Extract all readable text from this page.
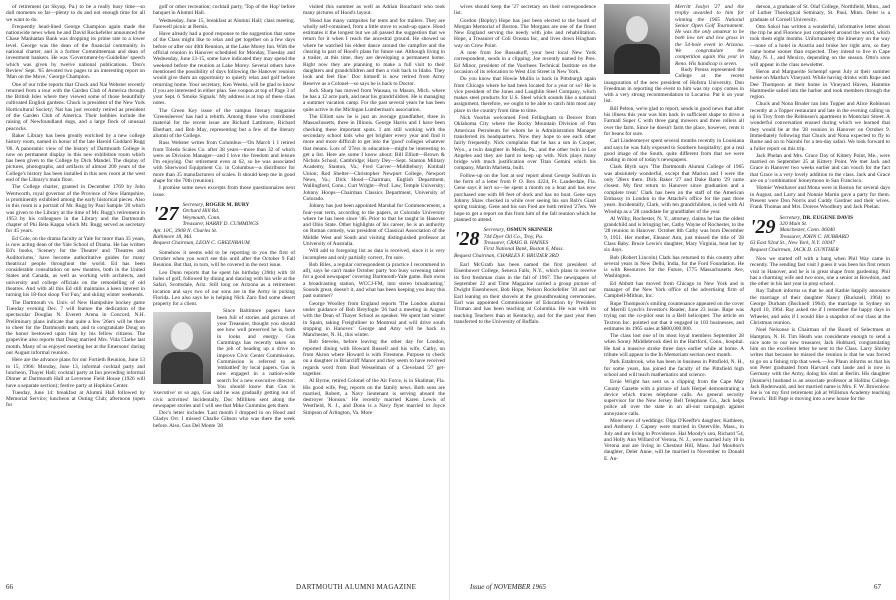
of retirement (at Skyop, Pa.) to be a really busy time—so dull moments so far—plenty to do and not enough time for all we want to do.

Frequently head-lined George Champion again made the nationwide news when he and David Rockefeller announced the Chase Manhattan Bank was dropping its prime rate to a lower level. George was the dean of the financial community in national charter, and is a former Committeeman and dean of investment bankers. He was 'Government-by-Guideline' speech which was given by twelve national publications. 'Don's Review' Sept. '65 devoted two pages to an interesting report on 'Man on the Move,' George Champion.

One of our tribe reports that Chuck and Nat Webster recently returned from a tour with the Garden Club of America through the British Isles where they viewed some of those beautifully cultivated English gardens. Chuck is president of the New York Horticultural Society; Nat has just recently retired as president of the Garden Club of America. Their hobbies include the raising of Newfoundland dogs, and a large flock of unusual peacocks.

Baker Library has been greatly enriched by a new college history room, named in honor of the late Harold Goddard Rugg '06. A panoramic view of the history of Dartmouth College is now on permanent display in this new exhibition room which has been given to the College by Dick Mandel. The display of pictures, photographs, and artifacts of almost 200 years of the College's history has been installed in this new room at the west end of the Library's main floor.

The College charter, granted in December 1769 by John Wentworth, royal governor of the Province of New Hampshire, is prominently exhibited among the early historical pieces. Also in this room is a portrait of Mr. Rugg by Paul Sample '20 which was given to the Library at the time of Mr. Rugg's retirement in 1953 by his colleagues in the Library and the Dartmouth chapter of Phi Beta Kappa which Mr. Rugg served as secretary for 45 years.

Ed Cole, on the drama faculty at Yale for more than 35 years, is now acting dean of the Yale School of Drama. He has written Ed's books, 'Scenery for the Theatre' and 'Theatres and Auditoriums,' have become authoritative guides for many theatrical people throughout the world. Ed has been considerable consultation on new theatres, both in the United States and Canada, as well as working with architects, and university and college officials on the remodelling of old theatres. And with all this Ed still maintains a keen interest in turning his 18-foot sloop 'For Fun,' and skiing winter weekends.

The Dartmouth vs. Univ. of New Hampshire hockey game Tuesday evening Dec. 7 will feature the dedication of the spectacular Douglas N. Everett Arena in Concord, N.H. Preliminary plans indicate that quite a few '26ers will be there to cheer for the Dartmouth team, and to congratulate Doug on the honor bestowed upon him by his fellow citizens. The grapevine also reports that Doug married Mrs. Vida Clarke last month. Many of us enjoyed meeting her at the Emersons' during our August informal reunion.

Here are the advance plans for our Fortieth Reunion, June 13 to 15, 1966: Monday, June 13, informal cocktail party and luncheon, Thayer Hall; cocktail party at Inn preceding informal Dinner at Dartmouth Hall at Leverone Field House (1926 will have a separate section); festive party at Hopkins Center.

Tuesday, June 14: breakfast at Alumni Hall followed by Memorial Service; luncheon at Outing Club; afternoon (open for

golf or other recreation; cocktail party, 'Top of the Hop' before banquet in Alumni Hall.

Wednesday, June 15, breakfast at Alumni Hall; class meeting. Farewell picnic at Bemis.

Have already had a good response to the suggestion that some of the Class might like to relax and get together on a few days before or after our 40th Reunion, at the Lake Morey Inn. With the official reunion in Hanover scheduled for Monday, Tuesday and Wednesday, June 13-15, some have indicated they may spend the weekend before the reunion at Lake Morey. Several others have mentioned the possibility of days following the Hanover reunion would give them an opportunity to quietly relax and golf before returning home. Your secretary, Ken Weeks, will be glad to know if you are interested in either plan. See coupon at top of Page 3 of your Sept. 6 'Smoke Signals.' My address is at top of these class notes.

The Green Key issue of the campus literary magazine 'Greensleeves' has had a rebirth. Among those who contributed material for the recent issue are Richard Lattimore, Richard Eberhart, and Bob May, representing but a few of the literary alumni of the College.

Russ Webster writes from Columbus—'On March 1 I retired from Toledo Scales Co. after 38 years—more than 32 of which were as Division Manager—and I love the freedom and leisure I'm enjoying. Our retirement even at 62, so he was associated with Sherwood Equipment Co. in Columbus—a distributor for more than 35 manufacturers of scales. It should keep me in good shape for the 70th (reunion).

I promise some news excerpts from those questionnaires next issue.

'27 Secretary, ROGER M. BURY
Orchard Hill Rd.
Weymouth, Conn.
Treasurer, HARRY D. CUMMINGS
Apt. 10C, 3908 N. Charles St.
Baltimore 18, Md.
Bequest Chairman, LEON C. GREENBAUM

Somehow it seems odd to be reporting to you the first of October when you won't see this until after the October 9 Fall Reunion. But that, in turn, will be covered in the next issue.

Leo Dunn reports that he spent his birthday (39th) with 18 holes of golf, followed by dining and dancing with his wife at the Safari, Scottsdale, Ariz. Still long on Arizona as a retirement location and says two of our sons are in the Army in picking Florida. Leo also says he is helping Nick Zaro find some desert property for a client.

Since Baltimore papers have been full of stories and pictures of your Treasurer, thought you should see how well preserved he is, both in looks and energy. Gus Cummings has recently taken on the job of heading up a drive to improve Civic Center Commission. Commission is referred to as 'embattled' by local papers. Gus is now engaged in a nation-wide search for a new executive director. You should know that Gus is 'executive' or so ago, Gus said he was gradually getting out of civic activities! Incidentally, Doc Milliken sent along the newspaper stories and I will see that Mike Cummins gets them.

Doc's letter includes 'Last month I dropped in on Hood and Gladys Orr. I missed Charlie Gibson who was there the week before. Also, Gus Del Monte '28

visited this summer as well as Adrian Bouchard who took many pictures of Hood's layout.

'Hood has many campsites for tents and for trailers. They are wholly self-contained, from a little stove to wash-up space. Hood estimates it the longest but we all passed the suggestion that we return for it when I reach the ancestral ground. He showed us where he watched his eldest dance around the campfire and the clearing in part of Hood's plans for future use. Although living in a trailer, at this time, they are developing a permanent home. Right now they are planning to make a full visit to their daughters and grandchildren and then a visit back to Idaho. They look and feel fine.' Doc himself is now retired from Army Reserve as a Colonel—so says he is back to Doctor.

Jock Sharp has moved from Wausau, to Mason, Mich. where he has a 12 acre park, and near his grandchildren. He is managing a summer vacation camp. For the past several years he has been quite active in the Michigan Lumberman's association.

The Elliott saw he is just an average grandfather, three in Massachusetts, three in Illinois. George Harris and I have been checking these important spots. I am still working with the secondary school kids who get brighter every year and find it more and more difficult to get into the 'good' colleges whatever that means. Lots of '27ers in education—might be interesting to get a list. Here are some I know about: Bill Elliott—Brown & Nichols School, Cambridge; Harry Dey—Sept. Stanton Military Academy, Stanton, Va.; Fred Carver—Middlebury; Kimball Union; Rod Shelter—Christopher Newport College, Newport News, Va.; Dick Hood—Chairman, English Department, Wallingford, Conn.; Curt Wright—Prof. Law, Temple University; Johnny Hoops—Chairman Classics Department, University of Colorado.

Johnny has just been appointed Marshal for Commencement, a four-year term, according to the papers, at Colorado University where he has been since '46. Prior to that he taught in Hanover and Ohio State. Other highlights of his career, he is an authority on Roman comedy, was president of Classical Association of the Middle West and South and visiting distinguished professor at University of Australia.

Will add to foregoing list as data is received, since it is very incomplete and only partially correct, I'm sure.

Bob Biles, a regular correspondent (a practice I recommend to all), says he can't make October party 'too busy screening talent for a good newspaper' covering Dartmouth-Yale game. Bob owns a broadcasting station, WCCJ-FM, into stereo broadcasting.' Sounds great, doesn't it, and what has been keeping you busy this past summer?

George Woolley from England reports 'The London alumni under guidance of Bob Breyfogle '26 had a meeting in August with the Dean of Thayer School as speaker. We spent last winter in Spain, taking Freightliner to Montreal and will drive south stopping in Hanover.' George and Amy will be back in Manchester, N. H., this winter.

Bob Stevens, before leaving the other day for London, reported dining with Howard Russell and his wife, Cathy, on from Akron where Howard is with Firestone. Purpose to check on a daughter in Briarcliff Manor and they seem to have received regards word from Bud Wesselman of a Cleveland '27 get-together.

Al Byrne, retired Colonel of the Air Force, is in Shalimar, Fla. His good wife, Peg, reports on the family news. Both sons are married, Robert, a Navy lieutenant is serving aboard the destroyer 'Honson.' He recently married Karen Lewis of Westfield, N. J., and Donn is a Navy flyer married to Joyce Simpson of Arlington, Va. More

wives should keep the '27 secretary on their correspondence list.

Gordon (Bophy) Hope has just been elected to the board of Morgan Memorial of Boston. The Morgans are one of the finest New England serving the needy with jobs and rehabilitation. Hope, a Treasurer of Coli Oceana Inc, and lives down Hingham way on Crow Point.

A note from Joe Russakoff, your best local New York correspondent, sends in a clipping. Joe recently named by Pres. Ed Minor, president of the Voorhees Technical Institute on the occasion of its relocation to West 41st Street in New York.

Do you know that Howie Mullin is back in Pittsburgh again from Chicago where he had been located for a year or so? He is vice president of the Jones and Laughlin Steel Company, which makes steel products for U.S. Steel which sounds like a national assignment, therefore, we ought to be able to catch him most any place in the country from time to time.

Nick Voorhis welcomed Fred Fellingham to Denver from Oklahoma City where the Rocky Mountain Division of Pan American Petroleum for whom he is Administration Manager transferred its headquarters. Now they hope to see each other fairly frequently. Nick complains that he has a son in Cooper, Wyo., a twin daughter in Media, Pa., and the other twin in Los Angeles and they are hard to keep up with. Nick plays many bridge with much justification over Titan Gemini which his company, Martin Marietta, built.

Follow-up on the 'lost at sea' report about George Sullivan in the form of a letter from P. O. Box 4224, Ft. Lauderdale, Fla. Gene says it isn't so—he spent a month on a boat and has now purchased one with 80 feet of dock and has no boat. Gene says Johnny Shaw checked in while over seeing his son Bob's Giant spring training. Gene and his son Fred are both retired '27ers. We hope to get a report on this from him of the fall reunion which he planned to attend.

'28 Secretary, OSMUN SKINNER
744 Dyer Oil Co., Troy, Pa.
Treasurer, CRAIG B. HAINES
First National Bank, Boston 6, Mass.
Bequest Chairman, CHARLES F. BRUDER 3RD

Earl McGrath has been named the first president of Eisenhower College, Seneca Falls, N.Y., which plans to receive its first freshman class in the fall of 1967. The newspapers of September 22 and Time Magazine carried a group picture of Dwight Eisenhower, Bob Hope, Nelson Rockefeller '30 and our Earl leaning on their shovels at the groundbreaking ceremonies. Earl was appointed Commissioner of Education by President Truman and has been teaching at Columbia. He was with its teaching Teachers than at Kentucky, and for the past year then transferred to the University of Buffalo.

Merritt Joslyn '27 and the trophy awarded to him for winning the 1965 National Senior Open Golf Tournament. He was the only amateur to be both low net and low gross in the 54-hole event in Arizona. We congratulate the competition again this year in Reno. His handicap is seven.

Rudy Preuss represented the College at the recent inauguration of the new president of Hofstra University. Don Freedman in reporting the event to him was my copy comes in with a very strong recommendation to Locarno. Put it on your list.

Bill Pelton, we're glad to report, sends in good news that after his illness this year was him back in sufficient shape to drive a Farmall Super C with three gang mowers and three rollers all over the farm. Since he doesn't farm the place, however, rents it for beans for sure.

Carl Lindenmeyer spent several months recently in Louisiana and says he was fully exposed to Southern hospitality; got a real good image of the South, quite different from that we were reading in most of today's newspapers.

Clark Blyth says 'The Dartmouth Alumni College of 1965 was absolutely wonderful, except that Marion and I were the only '28ers there. Dick Baker '27 and Duke Barto '29 came closest. My first return to Hanover since graduation and a complete treat.' Clark has been on the staff of the American Embassy in London in the Attaché's office for the past three years. Incidentally, Clark, with ten grandchildren, is tied with Al Winship as a '28 candidate for grandfather of the year.

Al Wilby, Rochester, N. Y., attorney, claims he has the oldest grandchild and is bringing her, Cathy Wayne of Rochester, to the '28 reunion in Hanover. October 8th Cathy was born December 9, 1951. Her mother, Eleanor Ann, just missed the title of '28 Class Baby. Bruce Lewis's daughter, Mary Virginia, beat her by six days.

Bob (Robert Lincoln) Clark has returned to this country after several years in New Delhi, India, for the Ford Foundation. He is with Resources for the Future, 1775 Massachusetts Ave, Washington.

Ed Abbott has moved from Chicago to New York and is manager of the New York office of the advertising firm of Campbell-Mithun, Inc.

Rupe Thompson's smiling countenance appeared on the cover of Merrill Lynch's Investor's Reader, June 23 issue. Rupe was trying out the co-pilot seat in a Bell helicopter. The article on Textron Inc. pointed out that it engaged in 103 businesses, and estimates its 1965 sales at $800,000,000.

The class lost one of its most loyal members September 28 when Sonny Middlebrook died in the Hartford, Conn., hospital. He had a massive stroke three days earlier while at home. A tribute will appear in the In Memoriam section next month.

Park Estabrook, who has been in business in Pittsfield, N. H., for some years, has joined the faculty of the Pittsfield high school and will teach mathematics and science.

Ernie Wright has sent us a clipping from the Cape May County Gazette with a picture of Jack Herpel demonstrating a device which traces telephone calls. As general security supervisor for the New Jersey Bell Telephone Co., Jack helps police all over the state in an all-out campaign against annoyance calls.

More news of weddings: Olga O'Keeffe's daughter, Kathleen, and Anthony J. Capsey were married in Osterville, Mass., in July and are living in Providence. Hal Moody's son, Richard '54, and Holly Ann Willard of Verona, N. J., were married July 10 in Verona and are living in Chestnut Hill, Mass. Jud Moulton's daughter, Deler Anne, will be married in November to Donald E. An-

derson, a graduate of St. Olaf College, Northfield, Minn., and of Luther Theological Seminary, St. Paul, Minn. Deler is a graduate of Cornell University.

Otto Sokol has written a wonderful, informative letter about the trip he and Florence just completed around the world, which took them eight months. Unfortunately the itinerary on the way—none of a hotel in Austria and broke her right arm, so they came home sooner than expected. They intend to live in Cape May, N. J., and Mexico, depending on the season. Otto's sons will appear in the class newsletter.

Heron and Marguerite Schempf spent July at their summer home on Martha's Vineyard. While having drinks with Rupe and Dee Thompson at their home in Vineyard Haven, Hammie Hammeslie sailed into the harbor and took members through the region.

Chuck and Nona Bruder ran into Topper and Alice Robinson recently at a Topper restaurant and late in the evening calling us up in Troy from the Robinson's apartment in Montclair Street. A wonderful conversation ensued during which we learned that they would be at the '28 reunion in Hanover on October 9. Immediately following that Chuck and Nona expected to fly to Rome and on to Nairobi for a ten-day safari. We look forward to a fuller report on this trip.

Jack Phelan and Mrs. Grace Day of Kittery Point, Me., were married on September 25 at Kittery Point. We met Jack and Grace in Hanover two weeks earlier and can vouch for the fact that Grace is a very lovely addition to the class. Jack and Grace are on a 'combination' honeymoon in San Francisco.

'Homie' Westhaver and Mona were in Boston for several days in August, and Larry and Nonnie Martin gave a party for them. Present were Don Norris and Cuddy Gardner and their wives. Frank Thomas and Mrs. Doreos Woodbury and Jack Phelan.

'29 Secretary, DR. EUGENE DAVIS
320 Main St.
Manchester, Conn. 06040
Treasurer, JOHN C. HUBBARD
63 East 92nd St., New York, N.Y. 10047
Bequest Chairman, JACK D. GUNTHER

Now we started off with a bang when Phil Way came in recently. The sending fast visit I guess it was been his first return visit in Hanover, and he is in great shape from gardening. Phil has a charming wife and two sons, one a senior at Bowdoin, and the other in his last year in prep school.

Ray Talbott informs us that he and Kathie happily announce the marriage of their daughter Nancy (Bucknell, 1964) to George Durham (Bucknell 1964), the marriage in Sydney on April 10, 1964. Ray asked me if I remember the happy days in Wheeler, and asks if I would like a snapshot of our class at the Christmas reunion.

Noel Nelsonse is Chairman of the Board of Selectmen at Hampton, N. H. Tim Heath was considerate enough to send a nice note to our new treasurer, Jack Hubbard, congratulating him on the excellent letter he sent to the Class. Larry Shirley writes that because he missed the reunion is that he was forced to go on a fishing trip that week.—Jos Plaun informs us that his son Peter graduated from Harvard cum laude and is now in Germany with the Army, doing his stint at Berlin. His daughter (Jeanne's) husband is an associate professor at Hollins College. Jack Rodenwald, and her married name is Mrs. F. W. Brownlow. Joe is 'on my first retirement job at Williston Academy teaching French.' Bill Page is moving into a new house for the

66	DARTMOUTH ALUMNI MAGAZINE	Issue of NOVEMBER 1965	67
